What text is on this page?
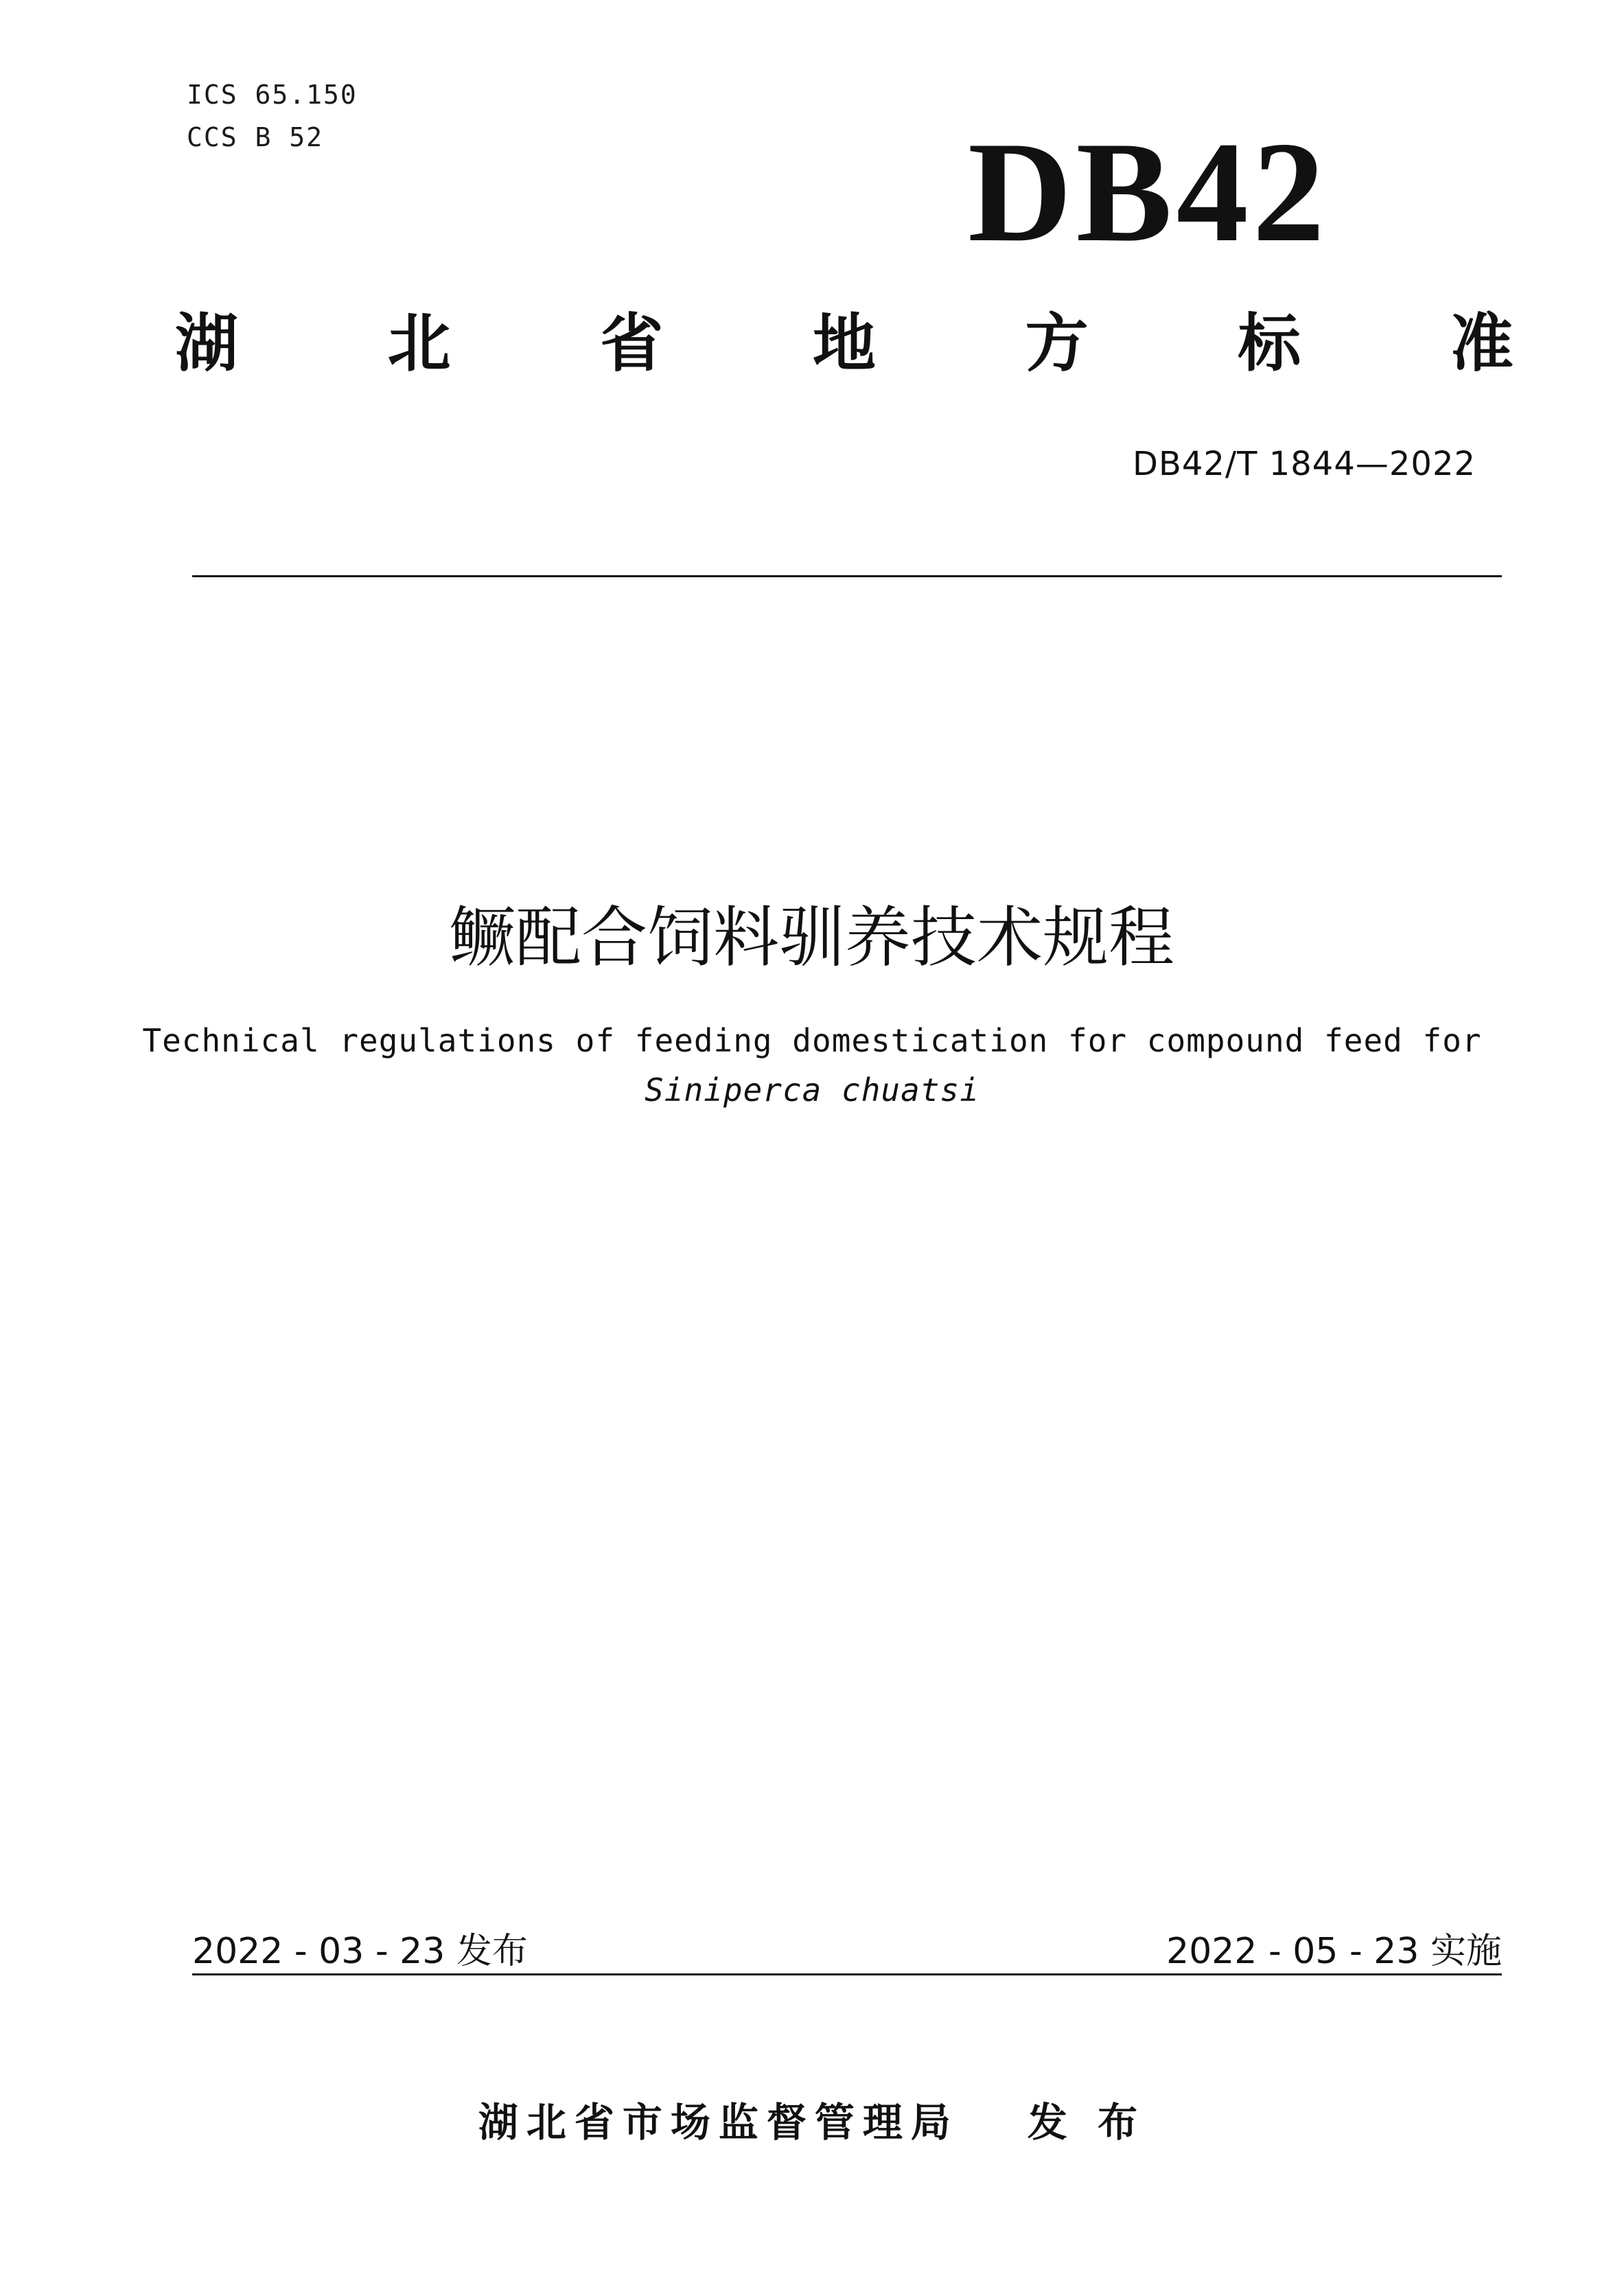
ICS 65.150
CCS B 52	DB42
湖 北 省 地 方 标 准
DB42/T 1844—2022
鳜配合饲料驯养技术规程
Technical regulations of feeding domestication for compound feed for
Siniperca chuatsi
2022 - 03 - 23 发布	2022 - 05 - 23 实施
湖北省市场监督管理局 发 布
